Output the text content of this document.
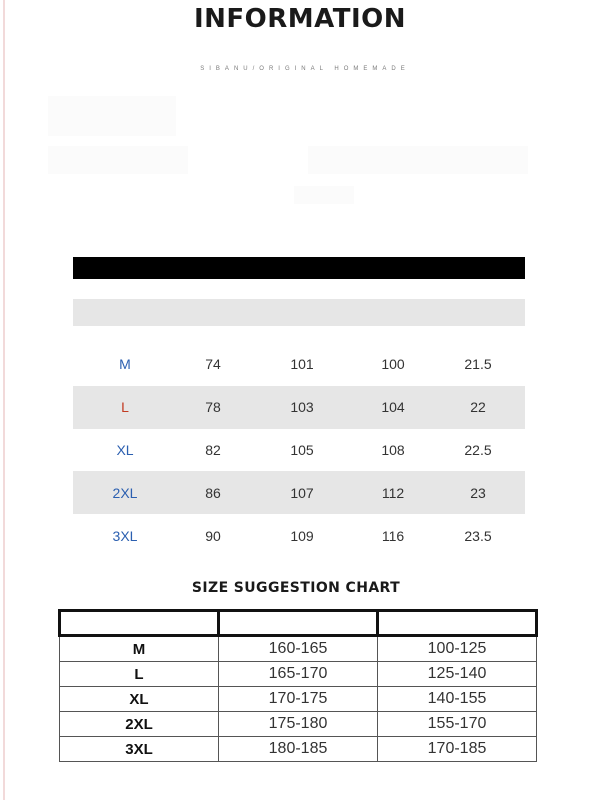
INFORMATION
SIBANU/ORIGINAL HOMEMADE
M	74	101	100	21.5
L	78	103	104	22
XL	82	105	108	22.5
2XL	86	107	112	23
3XL	90	109	116	23.5
SIZE SUGGESTION CHART

M	160-165	100-125
L	165-170	125-140
XL	170-175	140-155
2XL	175-180	155-170
3XL	180-185	170-185
